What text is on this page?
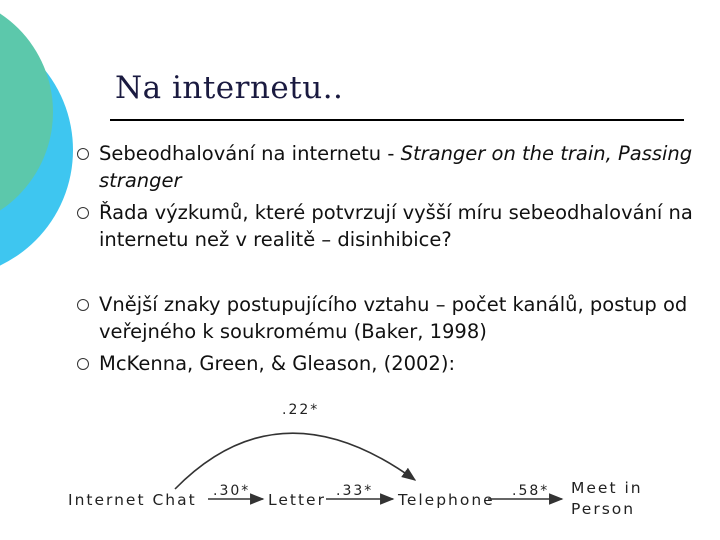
Na internetu..
Sebeodhalování na internetu - Stranger on the train, Passing stranger
Řada výzkumů, které potvrzují vyšší míru sebeodhalování na internetu než v realitě – disinhibice?
Vnější znaky postupujícího vztahu – počet kanálů, postup od veřejného k soukromému (Baker, 1998)
McKenna, Green, & Gleason, (2002):
.22*
Internet Chat .30* Letter .33* Telephone .58* Meet in
Person
